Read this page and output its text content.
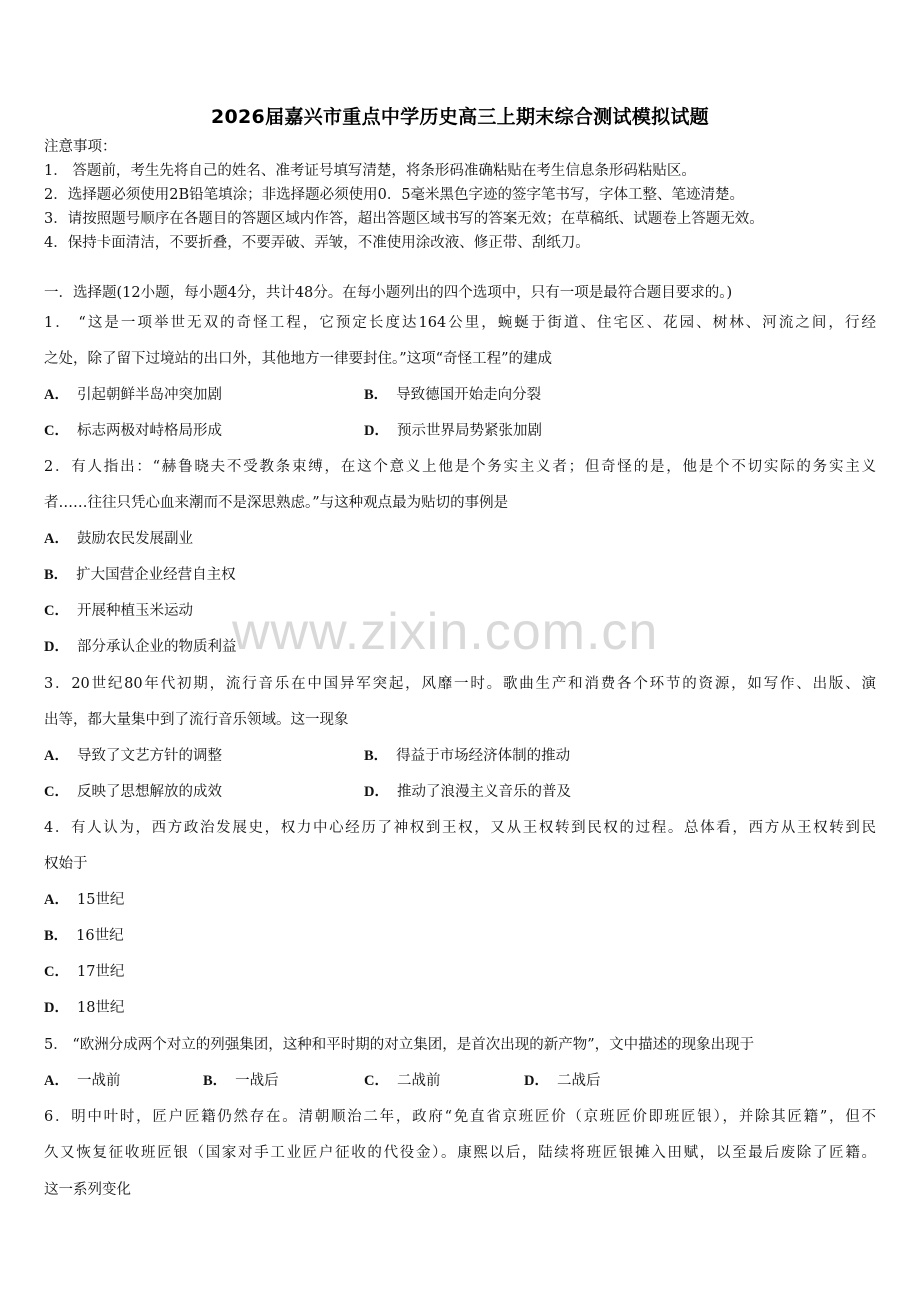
www.zixin.com.cn
2026届嘉兴市重点中学历史高三上期末综合测试模拟试题
注意事项：
1． 答题前，考生先将自己的姓名、准考证号填写清楚，将条形码准确粘贴在考生信息条形码粘贴区。
2．选择题必须使用2B铅笔填涂；非选择题必须使用0．5毫米黑色字迹的签字笔书写，字体工整、笔迹清楚。
3．请按照题号顺序在各题目的答题区域内作答，超出答题区域书写的答案无效；在草稿纸、试题卷上答题无效。
4．保持卡面清洁，不要折叠，不要弄破、弄皱，不准使用涂改液、修正带、刮纸刀。
一．选择题(12小题，每小题4分，共计48分。在每小题列出的四个选项中，只有一项是最符合题目要求的。)
1． “这是一项举世无双的奇怪工程，它预定长度达164公里，蜿蜒于街道、住宅区、花园、树林、河流之间，行经
之处，除了留下过境站的出口外，其他地方一律要封住。”这项“奇怪工程”的建成
A． 引起朝鲜半岛冲突加剧	B． 导致德国开始走向分裂
C． 标志两极对峙格局形成	D． 预示世界局势紧张加剧
2．有人指出：“赫鲁晓夫不受教条束缚，在这个意义上他是个务实主义者；但奇怪的是，他是个不切实际的务实主义
者……往往只凭心血来潮而不是深思熟虑。”与这种观点最为贴切的事例是
A． 鼓励农民发展副业
B． 扩大国营企业经营自主权
C． 开展种植玉米运动
D． 部分承认企业的物质利益
3．20世纪80年代初期，流行音乐在中国异军突起，风靡一时。歌曲生产和消费各个环节的资源，如写作、出版、演
出等，都大量集中到了流行音乐领域。这一现象
A． 导致了文艺方针的调整	B． 得益于市场经济体制的推动
C． 反映了思想解放的成效	D． 推动了浪漫主义音乐的普及
4．有人认为，西方政治发展史，权力中心经历了神权到王权，又从王权转到民权的过程。总体看，西方从王权转到民
权始于
A． 15世纪
B． 16世纪
C． 17世纪
D． 18世纪
5． “欧洲分成两个对立的列强集团，这种和平时期的对立集团，是首次出现的新产物”，文中描述的现象出现于
A． 一战前	B． 一战后	C． 二战前	D． 二战后
6．明中叶时，匠户匠籍仍然存在。清朝顺治二年，政府“免直省京班匠价（京班匠价即班匠银），并除其匠籍”，但不
久又恢复征收班匠银（国家对手工业匠户征收的代役金）。康熙以后，陆续将班匠银摊入田赋，以至最后废除了匠籍。
这一系列变化
